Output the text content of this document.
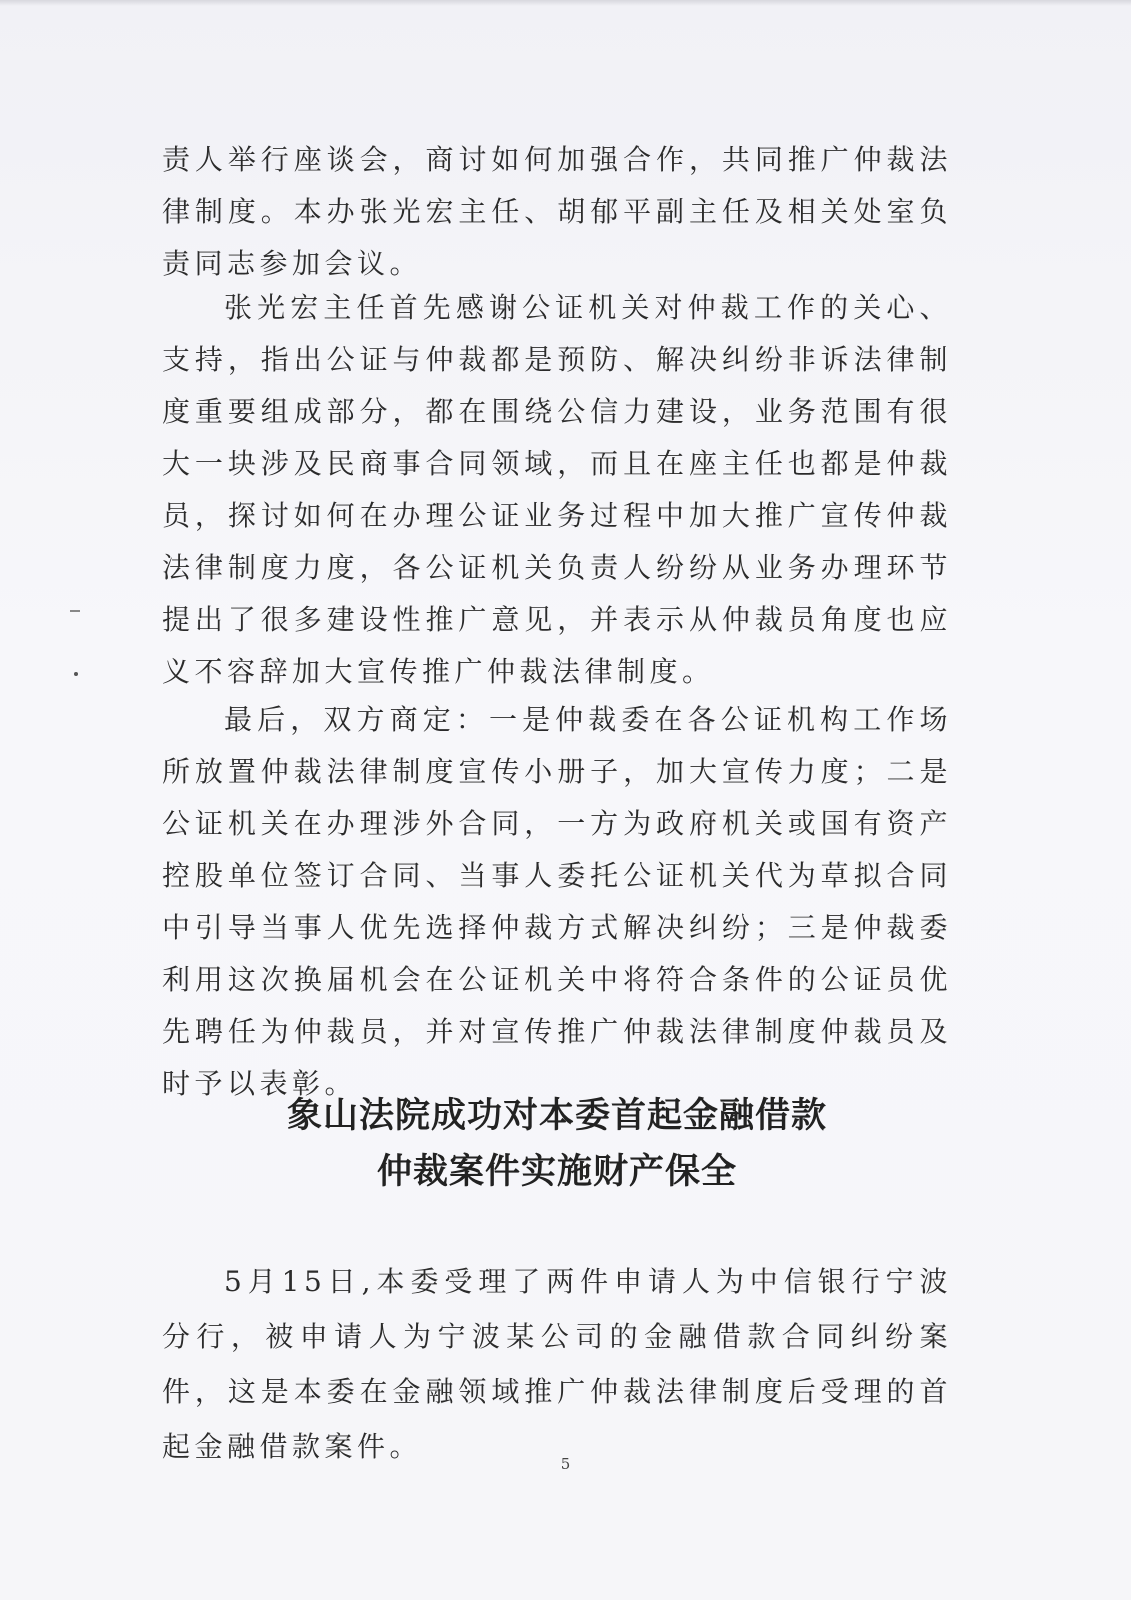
责人举行座谈会，商讨如何加强合作，共同推广仲裁法律制度。本办张光宏主任、胡郁平副主任及相关处室负责同志参加会议。

张光宏主任首先感谢公证机关对仲裁工作的关心、支持，指出公证与仲裁都是预防、解决纠纷非诉法律制度重要组成部分，都在围绕公信力建设，业务范围有很大一块涉及民商事合同领域，而且在座主任也都是仲裁员，探讨如何在办理公证业务过程中加大推广宣传仲裁法律制度力度，各公证机关负责人纷纷从业务办理环节提出了很多建设性推广意见，并表示从仲裁员角度也应义不容辞加大宣传推广仲裁法律制度。

最后，双方商定：一是仲裁委在各公证机构工作场所放置仲裁法律制度宣传小册子，加大宣传力度；二是公证机关在办理涉外合同，一方为政府机关或国有资产控股单位签订合同、当事人委托公证机关代为草拟合同中引导当事人优先选择仲裁方式解决纠纷；三是仲裁委利用这次换届机会在公证机关中将符合条件的公证员优先聘任为仲裁员，并对宣传推广仲裁法律制度仲裁员及时予以表彰。

象山法院成功对本委首起金融借款
仲裁案件实施财产保全

5月15日,本委受理了两件申请人为中信银行宁波分行，被申请人为宁波某公司的金融借款合同纠纷案件，这是本委在金融领域推广仲裁法律制度后受理的首起金融借款案件。

5
